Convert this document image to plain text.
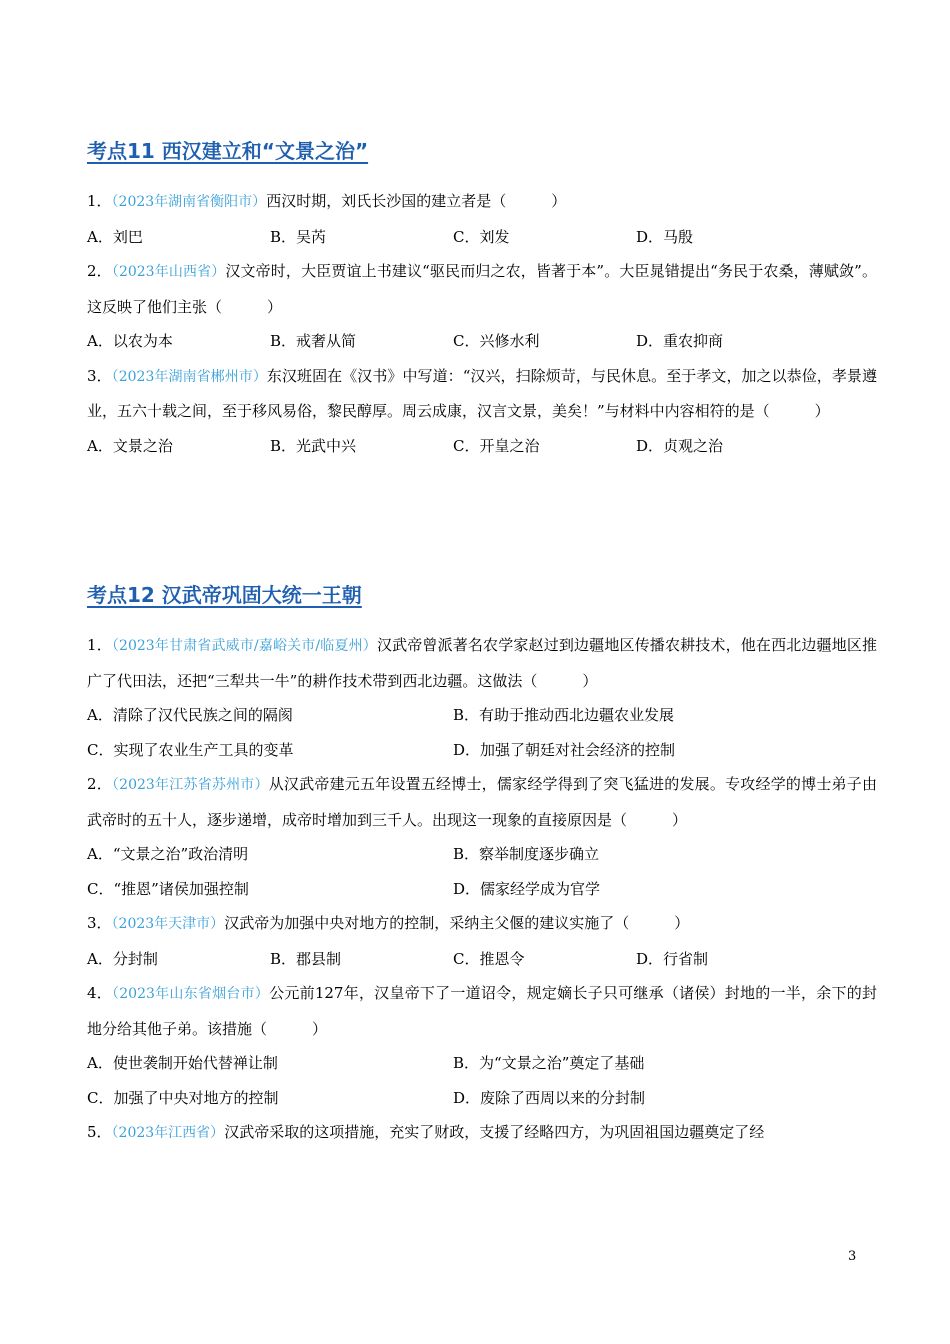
考点11 西汉建立和“文景之治”

1．（2023年湖南省衡阳市）西汉时期，刘氏长沙国的建立者是（　　　）

A．刘巴	B．吴芮	C．刘发	D．马殷

2．（2023年山西省）汉文帝时，大臣贾谊上书建议“驱民而归之农，皆著于本”。大臣晁错提出“务民于农桑，薄赋敛”。这反映了他们主张（　　　）

A．以农为本	B．戒奢从简	C．兴修水利	D．重农抑商

3．（2023年湖南省郴州市）东汉班固在《汉书》中写道：“汉兴，扫除烦苛，与民休息。至于孝文，加之以恭俭，孝景遵业，五六十载之间，至于移风易俗，黎民醇厚。周云成康，汉言文景，美矣！”与材料中内容相符的是（　　　）

A．文景之治	B．光武中兴	C．开皇之治	D．贞观之治
考点12 汉武帝巩固大统一王朝

1．（2023年甘肃省武威市/嘉峪关市/临夏州）汉武帝曾派著名农学家赵过到边疆地区传播农耕技术，他在西北边疆地区推广了代田法，还把“三犁共一牛”的耕作技术带到西北边疆。这做法（　　　）

A．清除了汉代民族之间的隔阂	B．有助于推动西北边疆农业发展
C．实现了农业生产工具的变革	D．加强了朝廷对社会经济的控制

2．（2023年江苏省苏州市）从汉武帝建元五年设置五经博士，儒家经学得到了突飞猛进的发展。专攻经学的博士弟子由武帝时的五十人，逐步递增，成帝时增加到三千人。出现这一现象的直接原因是（　　　）

A．“文景之治”政治清明	B．察举制度逐步确立
C．“推恩”诸侯加强控制	D．儒家经学成为官学

3．（2023年天津市）汉武帝为加强中央对地方的控制，采纳主父偃的建议实施了（　　　）

A．分封制	B．郡县制	C．推恩令	D．行省制

4．（2023年山东省烟台市）公元前127年，汉皇帝下了一道诏令，规定嫡长子只可继承（诸侯）封地的一半，余下的封地分给其他子弟。该措施（　　　）

A．使世袭制开始代替禅让制	B．为“文景之治”奠定了基础
C．加强了中央对地方的控制	D．废除了西周以来的分封制

5．（2023年江西省）汉武帝采取的这项措施，充实了财政，支援了经略四方，为巩固祖国边疆奠定了经

3
